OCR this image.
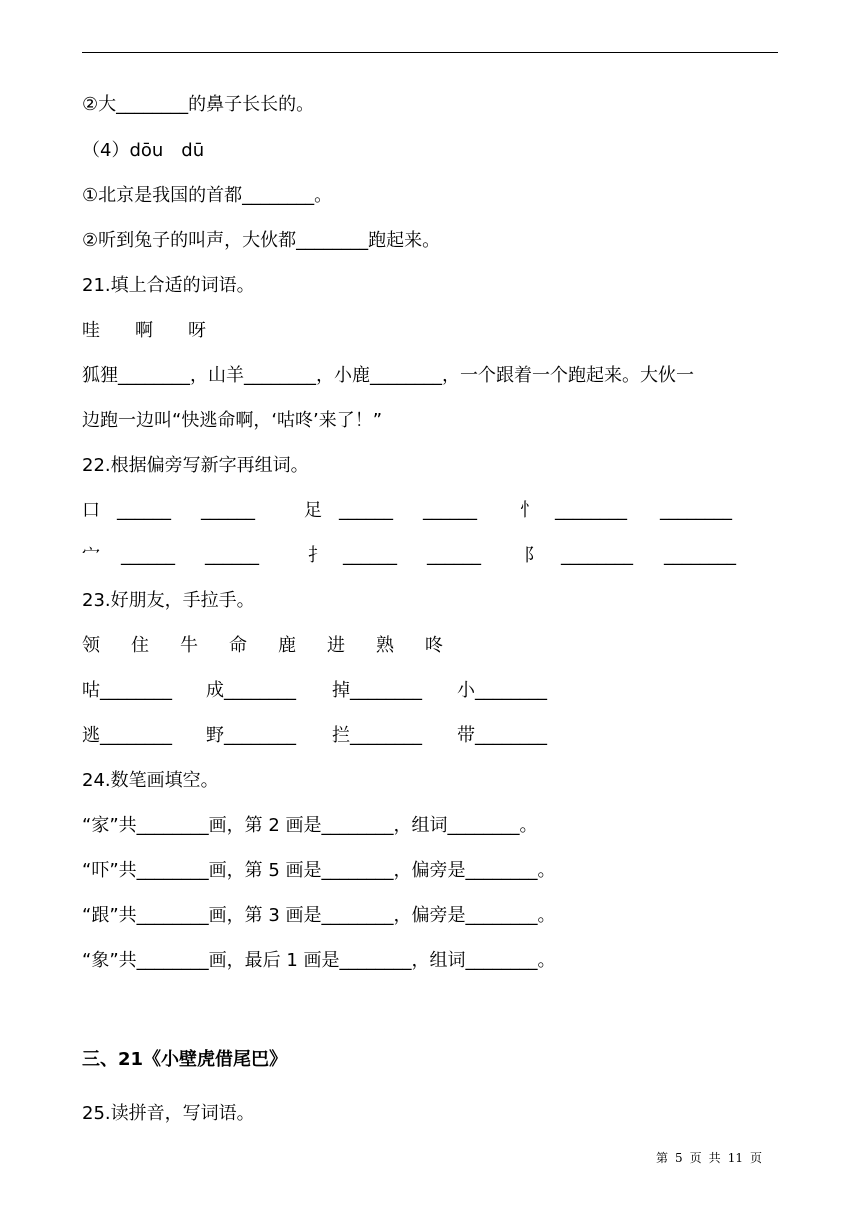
②大________的鼻子长长的。
（4）dōu　dū
①北京是我国的首都________。
②听到兔子的叫声，大伙都________跑起来。
21.填上合适的词语。
哇 啊 呀
狐狸________，山羊________，小鹿________，一个跟着一个跑起来。大伙一
边跑一边叫“快逃命啊，‘咕咚’来了！”
22.根据偏旁写新字再组词。
口 ______ ______	足 ______ ______ 忄 ________ ________
宀 ______ ______	扌 ______ ______ 阝 ________ ________
23.好朋友，手拉手。
领 住 牛 命 鹿 进 熟 咚
咕________ 成________ 掉________ 小________
逃________ 野________ 拦________ 带________
24.数笔画填空。
“家”共________画，第 2 画是________，组词________。
“吓”共________画，第 5 画是________，偏旁是________。
“跟”共________画，第 3 画是________，偏旁是________。
“象”共________画，最后 1 画是________，组词________。
三、21《小壁虎借尾巴》
25.读拼音，写词语。
第 5 页 共 11 页
